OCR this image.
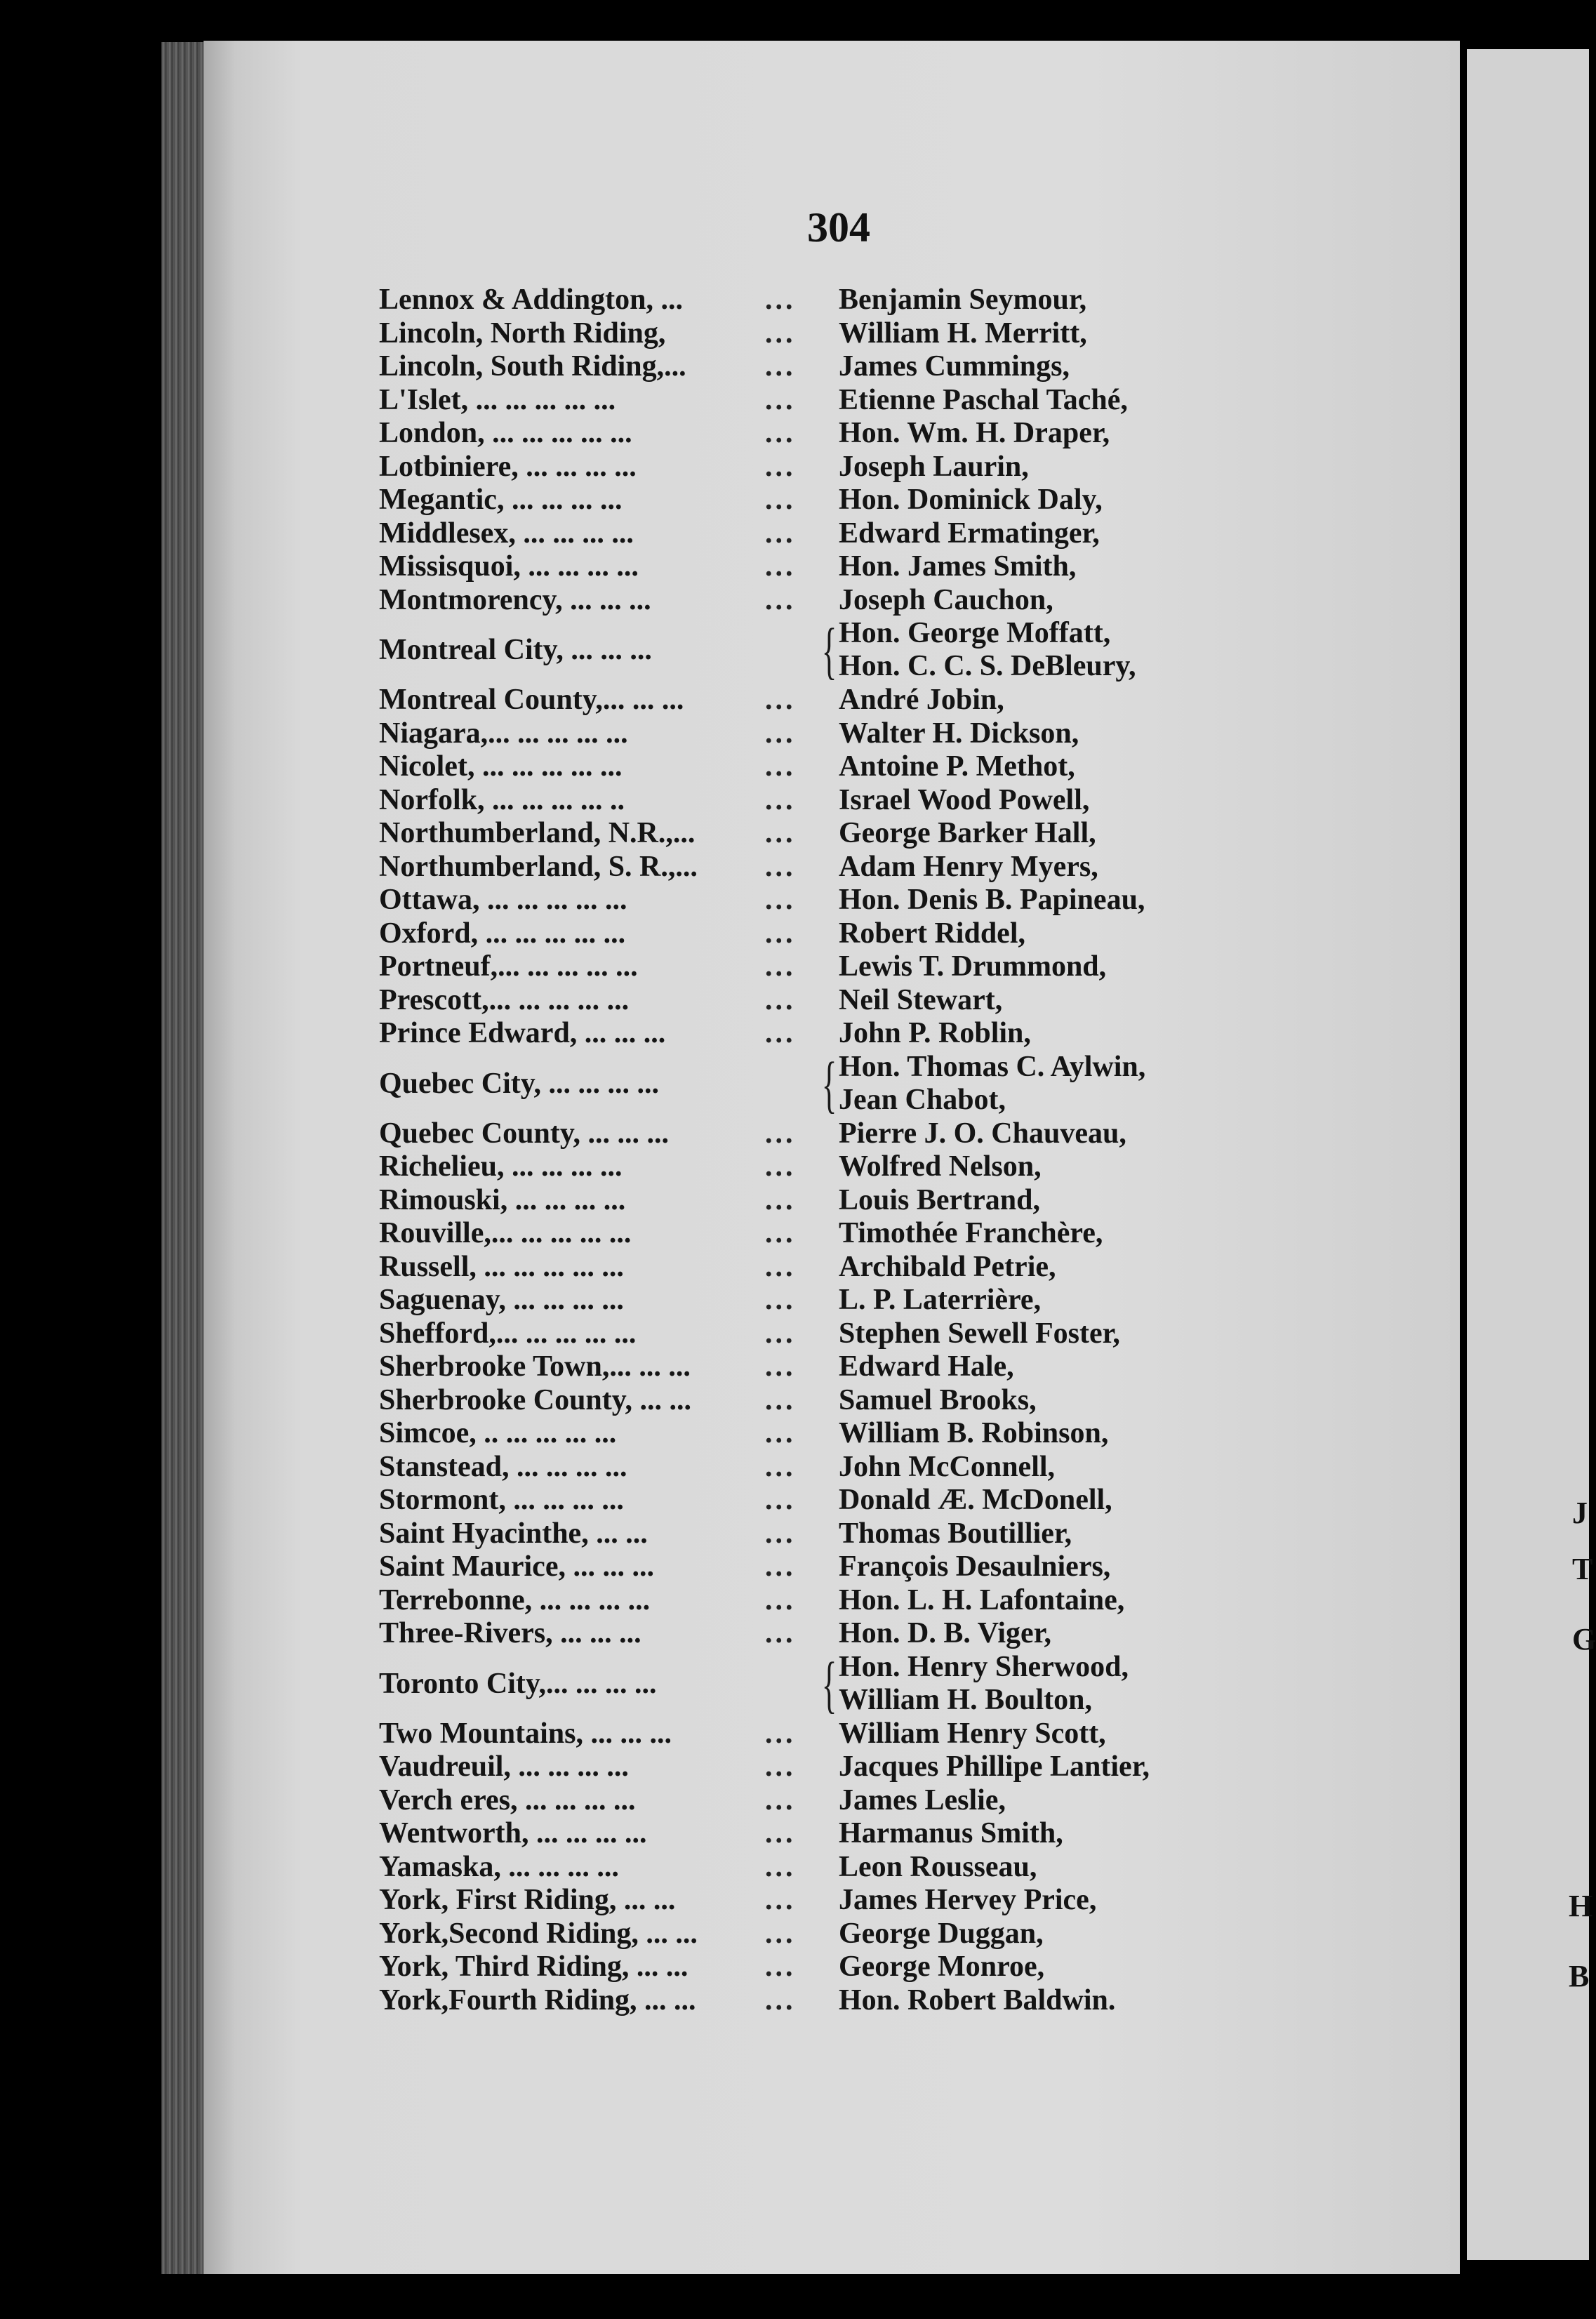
J
T
G
H
B
304
Lennox & Addington, ...	... Benjamin Seymour,
Lincoln, North Riding,	... William H. Merritt,
Lincoln, South Riding,...	... James Cummings,
L'Islet, ... ... ... ... ...	... Etienne Paschal Taché,
London, ... ... ... ... ...	... Hon. Wm. H. Draper,
Lotbiniere, ... ... ... ...	... Joseph Laurin,
Megantic, ... ... ... ...	... Hon. Dominick Daly,
Middlesex, ... ... ... ...	... Edward Ermatinger,
Missisquoi, ... ... ... ...	... Hon. James Smith,
Montmorency, ... ... ...	... Joseph Cauchon,
Montreal City, ... ... ...	{ Hon. George Moffatt,
Hon. C. C. S. DeBleury,
Montreal County,... ... ...	... André Jobin,
Niagara,... ... ... ... ...	... Walter H. Dickson,
Nicolet, ... ... ... ... ...	... Antoine P. Methot,
Norfolk, ... ... ... ... ..	... Israel Wood Powell,
Northumberland, N.R.,... ... George Barker Hall,
Northumberland, S. R.,... ... Adam Henry Myers,
Ottawa, ... ... ... ... ...	... Hon. Denis B. Papineau,
Oxford, ... ... ... ... ...	... Robert Riddel,
Portneuf,... ... ... ... ...	... Lewis T. Drummond,
Prescott,... ... ... ... ...	... Neil Stewart,
Prince Edward, ... ... ...	... John P. Roblin,
Quebec City, ... ... ... ...	{ Hon. Thomas C. Aylwin,
Jean Chabot,
Quebec County, ... ... ...	... Pierre J. O. Chauveau,
Richelieu, ... ... ... ...	... Wolfred Nelson,
Rimouski, ... ... ... ...	... Louis Bertrand,
Rouville,... ... ... ... ...	... Timothée Franchère,
Russell, ... ... ... ... ...	... Archibald Petrie,
Saguenay, ... ... ... ...	... L. P. Laterrière,
Shefford,... ... ... ... ...	... Stephen Sewell Foster,
Sherbrooke Town,... ... ...	... Edward Hale,
Sherbrooke County, ... ...	... Samuel Brooks,
Simcoe, .. ... ... ... ...	... William B. Robinson,
Stanstead, ... ... ... ...	... John McConnell,
Stormont, ... ... ... ...	... Donald Æ. McDonell,
Saint Hyacinthe, ... ...	... Thomas Boutillier,
Saint Maurice, ... ... ...	... François Desaulniers,
Terrebonne, ... ... ... ...	... Hon. L. H. Lafontaine,
Three-Rivers, ... ... ...	... Hon. D. B. Viger,
Toronto City,... ... ... ...	{ Hon. Henry Sherwood,
William H. Boulton,
Two Mountains, ... ... ...	... William Henry Scott,
Vaudreuil, ... ... ... ...	... Jacques Phillipe Lantier,
Verch eres, ... ... ... ...	... James Leslie,
Wentworth, ... ... ... ...	... Harmanus Smith,
Yamaska, ... ... ... ...	... Leon Rousseau,
York, First Riding, ... ...	... James Hervey Price,
York,Second Riding, ... ... ... George Duggan,
York, Third Riding, ... ...	... George Monroe,
York,Fourth Riding, ... ... ... Hon. Robert Baldwin.
